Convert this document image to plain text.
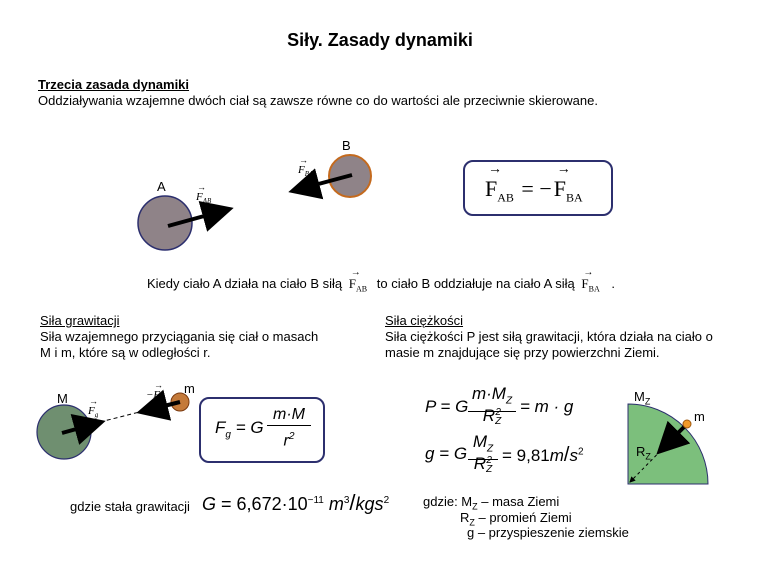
Siły. Zasady dynamiki
Trzecia zasada dynamiki
Oddziaływania wzajemne dwóch ciał są zawsze równe co do wartości ale przeciwnie skierowane.
A
B
→
$F_{AB}$
→
$F_{BA}$	→
$F_{AB}$ = −
→
$F_{BA}$
Kiedy ciało A działa na ciało B siłą
→
$F_{AB}$ to ciało B oddziałuje na ciało A siłą
→
$F_{BA}$ .
Siła grawitacji
Siła wzajemnego przyciągania się ciał o masach
M i m, które są w odległości r.
M
m
→
$F_g$
→
$-F_g$
$F_g = G$
m·M
$r^2$
gdzie stała grawitacji $G = 6,672\cdot 10^{-11}$ $m^3/kgs^2$
Siła ciężkości
Siła ciężkości P jest siłą grawitacji, która działa na ciało o
masie m znajdujące się przy powierzchni Ziemi.
P = G
$m\cdot M_Z$
R 2
Z
= m · g
g = G
$M_Z$
R 2
Z
= $9,81m/s^2$
$M_Z$
m
P
$R_Z$
gdzie: $M_Z$ – masa Ziemi
$R_Z$ – promień Ziemi
g – przyspieszenie ziemskie
